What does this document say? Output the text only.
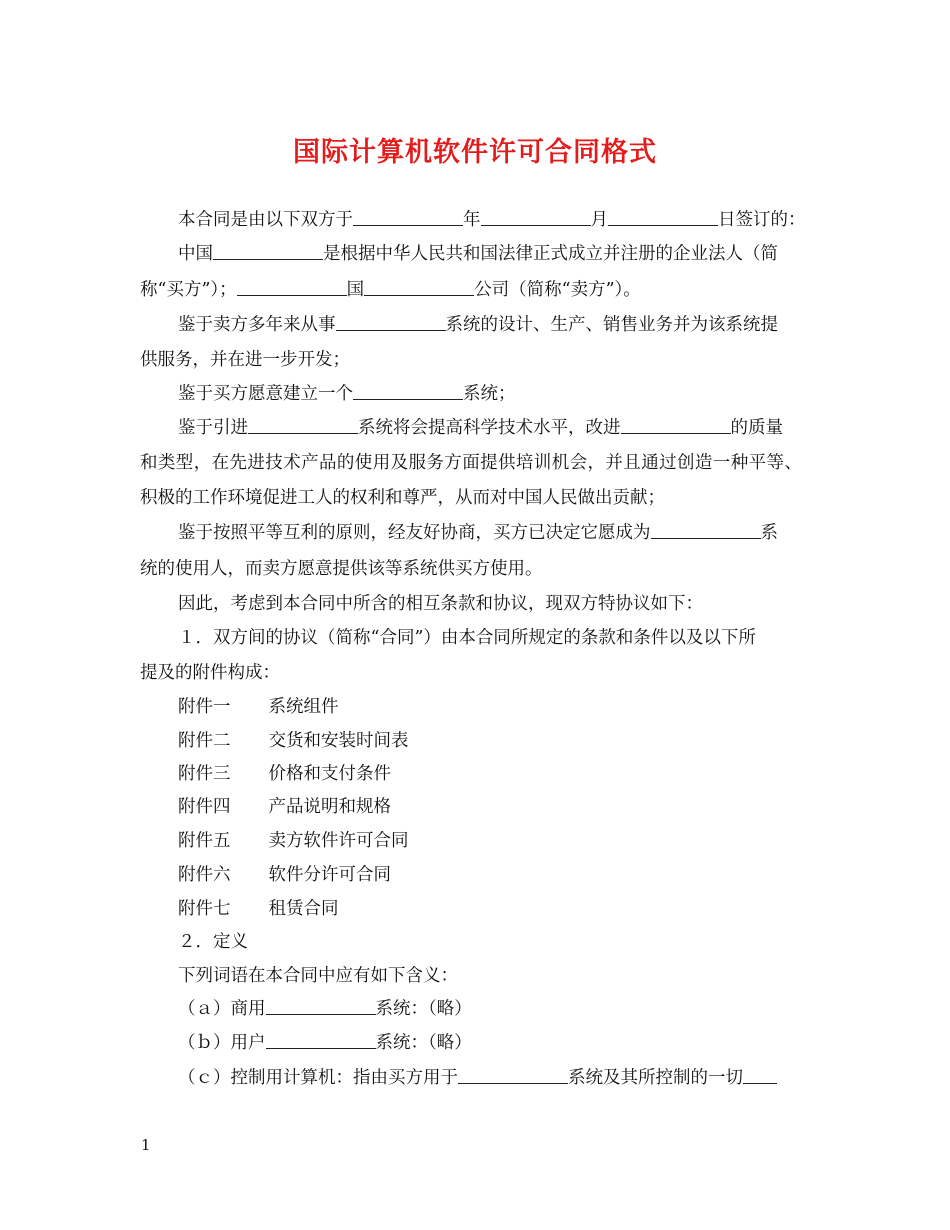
国际计算机软件许可合同格式
本合同是由以下双方于	年	月	日签订的：
中国	是根据中华人民共和国法律正式成立并注册的企业法人（简
称“买方”）；	国	公司（简称“卖方”）。
鉴于卖方多年来从事	系统的设计、生产、销售业务并为该系统提
供服务，并在进一步开发；
鉴于买方愿意建立一个	系统；
鉴于引进	系统将会提高科学技术水平，改进	的质量
和类型，在先进技术产品的使用及服务方面提供培训机会，并且通过创造一种平等、
积极的工作环境促进工人的权利和尊严，从而对中国人民做出贡献；
鉴于按照平等互利的原则，经友好协商，买方已决定它愿成为	系
统的使用人，而卖方愿意提供该等系统供买方使用。
因此，考虑到本合同中所含的相互条款和协议，现双方特协议如下：
１．双方间的协议（简称“合同”）由本合同所规定的条款和条件以及以下所
提及的附件构成：
附件一 系统组件
附件二 交货和安装时间表
附件三 价格和支付条件
附件四 产品说明和规格
附件五 卖方软件许可合同
附件六 软件分许可合同
附件七 租赁合同
２．定义
下列词语在本合同中应有如下含义：
（ａ）商用	系统：（略）
（ｂ）用户	系统：（略）
（ｃ）控制用计算机：指由买方用于	系统及其所控制的一切
1
